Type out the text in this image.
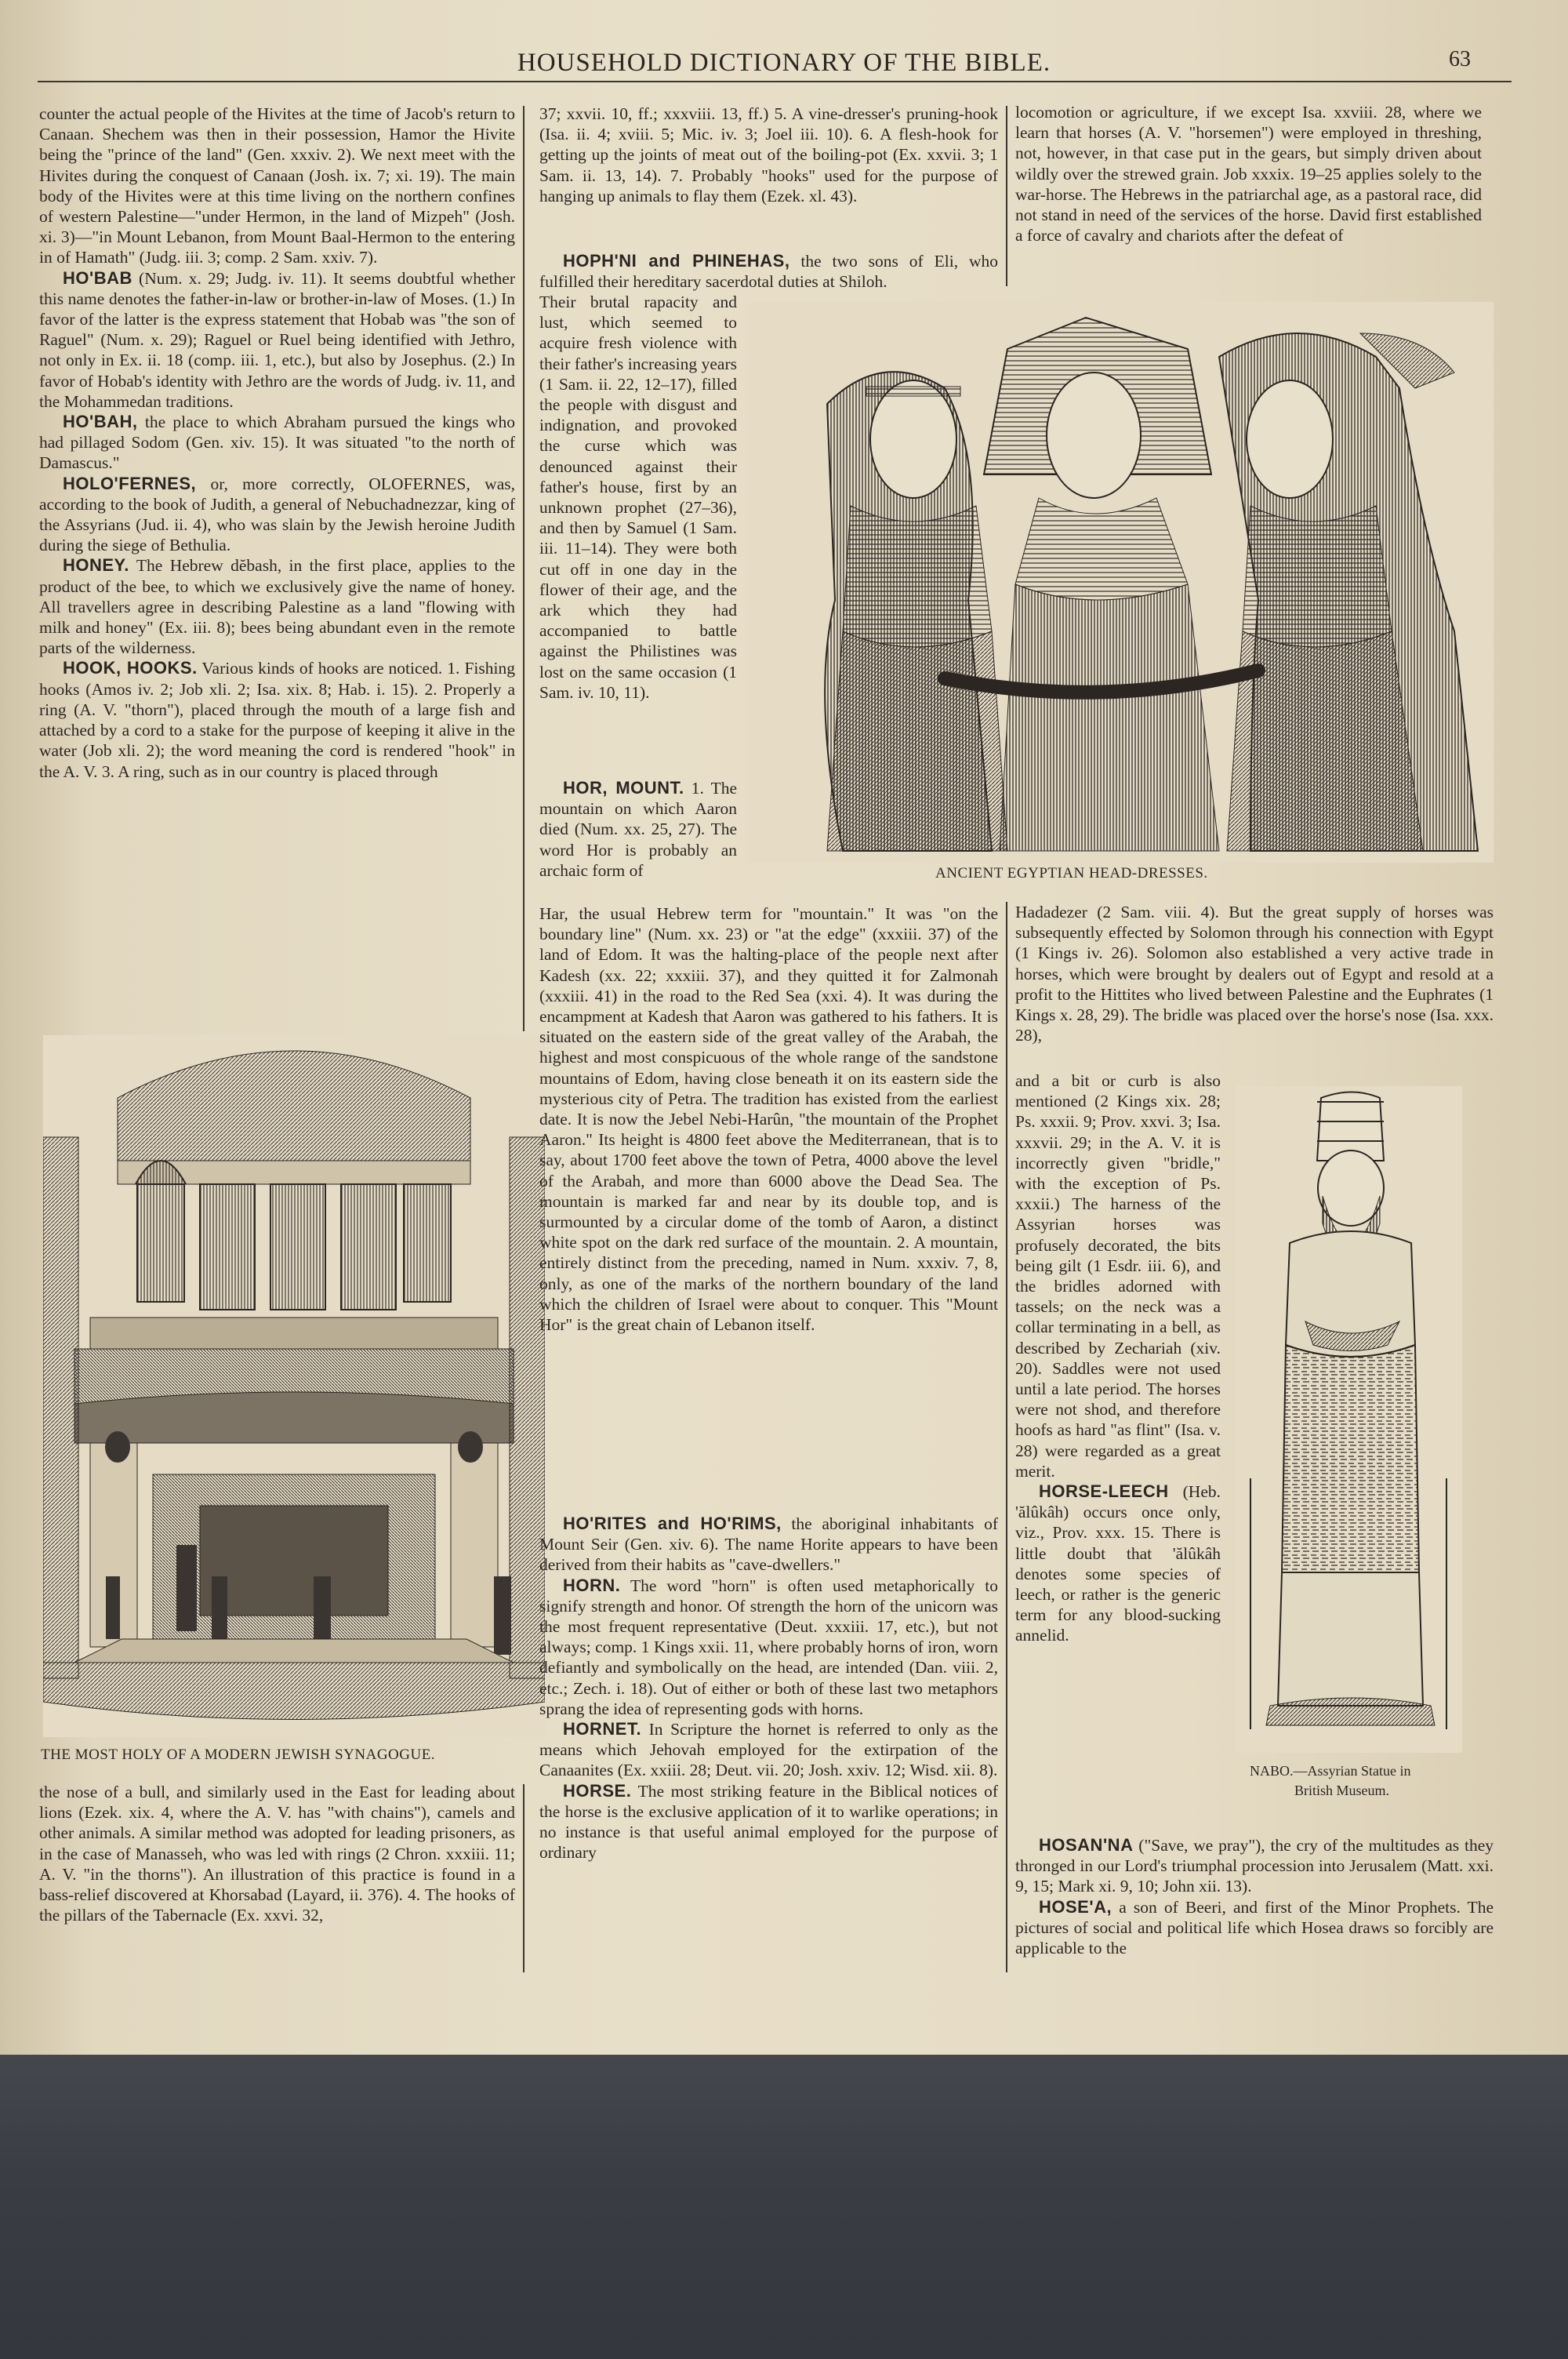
HOUSEHOLD DICTIONARY OF THE BIBLE.	63

counter the actual people of the Hivites at the time of Jacob's return to Canaan. Shechem was then in their possession, Hamor the Hivite being the "prince of the land" (Gen. xxxiv. 2). We next meet with the Hivites during the conquest of Canaan (Josh. ix. 7; xi. 19). The main body of the Hivites were at this time living on the northern confines of western Palestine—"under Hermon, in the land of Mizpeh" (Josh. xi. 3)—"in Mount Lebanon, from Mount Baal-Hermon to the entering in of Hamath" (Judg. iii. 3; comp. 2 Sam. xxiv. 7).

HO'BAB (Num. x. 29; Judg. iv. 11). It seems doubtful whether this name denotes the father-in-law or brother-in-law of Moses. (1.) In favor of the latter is the express statement that Hobab was "the son of Raguel" (Num. x. 29); Raguel or Ruel being identified with Jethro, not only in Ex. ii. 18 (comp. iii. 1, etc.), but also by Josephus. (2.) In favor of Hobab's identity with Jethro are the words of Judg. iv. 11, and the Mohammedan traditions.

HO'BAH, the place to which Abraham pursued the kings who had pillaged Sodom (Gen. xiv. 15). It was situated "to the north of Damascus."

HOLO'FERNES, or, more correctly, OLOFERNES, was, according to the book of Judith, a general of Nebuchadnezzar, king of the Assyrians (Jud. ii. 4), who was slain by the Jewish heroine Judith during the siege of Bethulia.

HONEY. The Hebrew dĕbash, in the first place, applies to the product of the bee, to which we exclusively give the name of honey. All travellers agree in describing Palestine as a land "flowing with milk and honey" (Ex. iii. 8); bees being abundant even in the remote parts of the wilderness.

HOOK, HOOKS. Various kinds of hooks are noticed. 1. Fishing hooks (Amos iv. 2; Job xli. 2; Isa. xix. 8; Hab. i. 15). 2. Properly a ring (A. V. "thorn"), placed through the mouth of a large fish and attached by a cord to a stake for the purpose of keeping it alive in the water (Job xli. 2); the word meaning the cord is rendered "hook" in the A. V. 3. A ring, such as in our country is placed through

THE MOST HOLY OF A MODERN JEWISH SYNAGOGUE.

the nose of a bull, and similarly used in the East for leading about lions (Ezek. xix. 4, where the A. V. has "with chains"), camels and other animals. A similar method was adopted for leading prisoners, as in the case of Manasseh, who was led with rings (2 Chron. xxxiii. 11; A. V. "in the thorns"). An illustration of this practice is found in a bass-relief discovered at Khorsabad (Layard, ii. 376). 4. The hooks of the pillars of the Tabernacle (Ex. xxvi. 32,

37; xxvii. 10, ff.; xxxviii. 13, ff.) 5. A vine-dresser's pruning-hook (Isa. ii. 4; xviii. 5; Mic. iv. 3; Joel iii. 10). 6. A flesh-hook for getting up the joints of meat out of the boiling-pot (Ex. xxvii. 3; 1 Sam. ii. 13, 14). 7. Probably "hooks" used for the purpose of hanging up animals to flay them (Ezek. xl. 43).

HOPH'NI and PHINEHAS, the two sons of Eli, who fulfilled their hereditary sacerdotal duties at Shiloh.

Their brutal rapacity and lust, which seemed to acquire fresh violence with their father's increasing years (1 Sam. ii. 22, 12–17), filled the people with disgust and indignation, and provoked the curse which was denounced against their father's house, first by an unknown prophet (27–36), and then by Samuel (1 Sam. iii. 11–14). They were both cut off in one day in the flower of their age, and the ark which they had accompanied to battle against the Philistines was lost on the same occasion (1 Sam. iv. 10, 11).

HOR, MOUNT. 1. The mountain on which Aaron died (Num. xx. 25, 27). The word Hor is probably an archaic form of	ANCIENT EGYPTIAN HEAD-DRESSES.

Har, the usual Hebrew term for "mountain." It was "on the boundary line" (Num. xx. 23) or "at the edge" (xxxiii. 37) of the land of Edom. It was the halting-place of the people next after Kadesh (xx. 22; xxxiii. 37), and they quitted it for Zalmonah (xxxiii. 41) in the road to the Red Sea (xxi. 4). It was during the encampment at Kadesh that Aaron was gathered to his fathers. It is situated on the eastern side of the great valley of the Arabah, the highest and most conspicuous of the whole range of the sandstone mountains of Edom, having close beneath it on its eastern side the mysterious city of Petra. The tradition has existed from the earliest date. It is now the Jebel Nebi-Harûn, "the mountain of the Prophet Aaron." Its height is 4800 feet above the Mediterranean, that is to say, about 1700 feet above the town of Petra, 4000 above the level of the Arabah, and more than 6000 above the Dead Sea. The mountain is marked far and near by its double top, and is surmounted by a circular dome of the tomb of Aaron, a distinct white spot on the dark red surface of the mountain. 2. A mountain, entirely distinct from the preceding, named in Num. xxxiv. 7, 8, only, as one of the marks of the northern boundary of the land which the children of Israel were about to conquer. This "Mount Hor" is the great chain of Lebanon itself.

HO'RITES and HO'RIMS, the aboriginal inhabitants of Mount Seir (Gen. xiv. 6). The name Horite appears to have been derived from their habits as "cave-dwellers."

HORN. The word "horn" is often used metaphorically to signify strength and honor. Of strength the horn of the unicorn was the most frequent representative (Deut. xxxiii. 17, etc.), but not always; comp. 1 Kings xxii. 11, where probably horns of iron, worn defiantly and symbolically on the head, are intended (Dan. viii. 2, etc.; Zech. i. 18). Out of either or both of these last two metaphors sprang the idea of representing gods with horns.

HORNET. In Scripture the hornet is referred to only as the means which Jehovah employed for the extirpation of the Canaanites (Ex. xxiii. 28; Deut. vii. 20; Josh. xxiv. 12; Wisd. xii. 8).

HORSE. The most striking feature in the Biblical notices of the horse is the exclusive application of it to warlike operations; in no instance is that useful animal employed for the purpose of ordinary

locomotion or agriculture, if we except Isa. xxviii. 28, where we learn that horses (A. V. "horsemen") were employed in threshing, not, however, in that case put in the gears, but simply driven about wildly over the strewed grain. Job xxxix. 19–25 applies solely to the war-horse. The Hebrews in the patriarchal age, as a pastoral race, did not stand in need of the services of the horse. David first established a force of cavalry and chariots after the defeat of

Hadadezer (2 Sam. viii. 4). But the great supply of horses was subsequently effected by Solomon through his connection with Egypt (1 Kings iv. 26). Solomon also established a very active trade in horses, which were brought by dealers out of Egypt and resold at a profit to the Hittites who lived between Palestine and the Euphrates (1 Kings x. 28, 29). The bridle was placed over the horse's nose (Isa. xxx. 28),

and a bit or curb is also mentioned (2 Kings xix. 28; Ps. xxxii. 9; Prov. xxvi. 3; Isa. xxxvii. 29; in the A. V. it is incorrectly given "bridle," with the exception of Ps. xxxii.) The harness of the Assyrian horses was profusely decorated, the bits being gilt (1 Esdr. iii. 6), and the bridles adorned with tassels; on the neck was a collar terminating in a bell, as described by Zechariah (xiv. 20). Saddles were not used until a late period. The horses were not shod, and therefore hoofs as hard "as flint" (Isa. v. 28) were regarded as a great merit.

HORSE-LEECH (Heb. 'ălûkâh) occurs once only, viz., Prov. xxx. 15. There is little doubt that 'ălûkâh denotes some species of leech, or rather is the generic term for any blood-sucking annelid.

NABO.—Assyrian Statue in
British Museum.

HOSAN'NA ("Save, we pray"), the cry of the multitudes as they thronged in our Lord's triumphal procession into Jerusalem (Matt. xxi. 9, 15; Mark xi. 9, 10; John xii. 13).

HOSE'A, a son of Beeri, and first of the Minor Prophets. The pictures of social and political life which Hosea draws so forcibly are applicable to the
